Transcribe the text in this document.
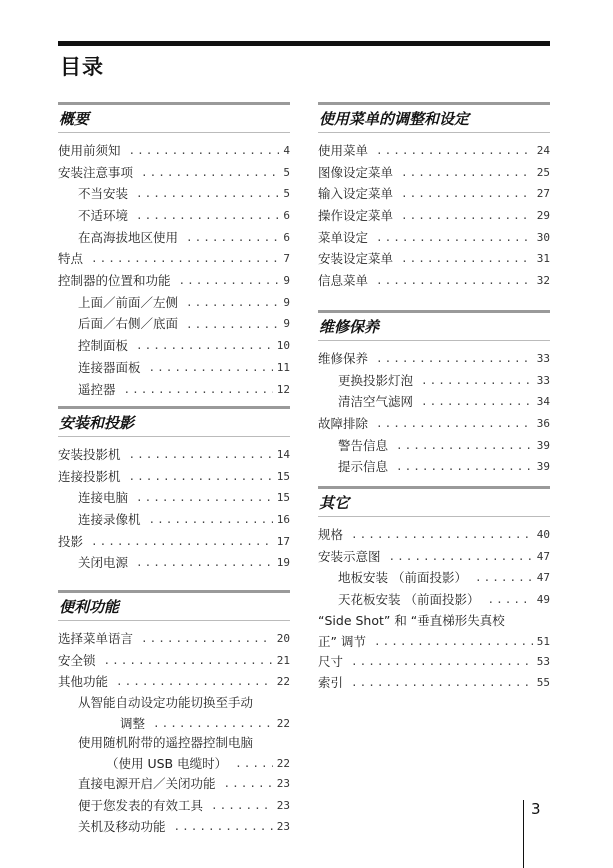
目录
概要
使用前须知 .....	4
安装注意事项 .....	5
不当安装 .....	5
不适环境 .....	6
在高海拔地区使用 .....	6
特点 .....	7
控制器的位置和功能 .....	9
上面／前面／左侧 .....	9
后面／右侧／底面 .....	9
控制面板 .....	10
连接器面板 .....	11
遥控器 .....	12
安装和投影
安装投影机 .....	14
连接投影机 .....	15
连接电脑 .....	15
连接录像机 .....	16
投影 .....	17
关闭电源 .....	19
便利功能
选择菜单语言 .....	20
安全锁 .....	21
其他功能 .....	22
从智能自动设定功能切换至手动
调整 .....	22
使用随机附带的遥控器控制电脑
（使用 USB 电缆时） .....	22
直接电源开启／关闭功能 .....	23
便于您发表的有效工具 .....	23
关机及移动功能 .....	23
使用菜单的调整和设定
使用菜单 .....	24
图像设定菜单 .....	25
输入设定菜单 .....	27
操作设定菜单 .....	29
菜单设定 .....	30
安装设定菜单 .....	31
信息菜单 .....	32
维修保养
维修保养 .....	33
更换投影灯泡 .....	33
清洁空气滤网 .....	34
故障排除 .....	36
警告信息 .....	39
提示信息 .....	39
其它
规格 .....	40
安装示意图 .....	47
地板安装 （前面投影） .....	47
天花板安装 （前面投影） .....	49
“Side Shot” 和 “垂直梯形失真校
正” 调节 .....	51
尺寸 .....	53
索引 .....	55
3
